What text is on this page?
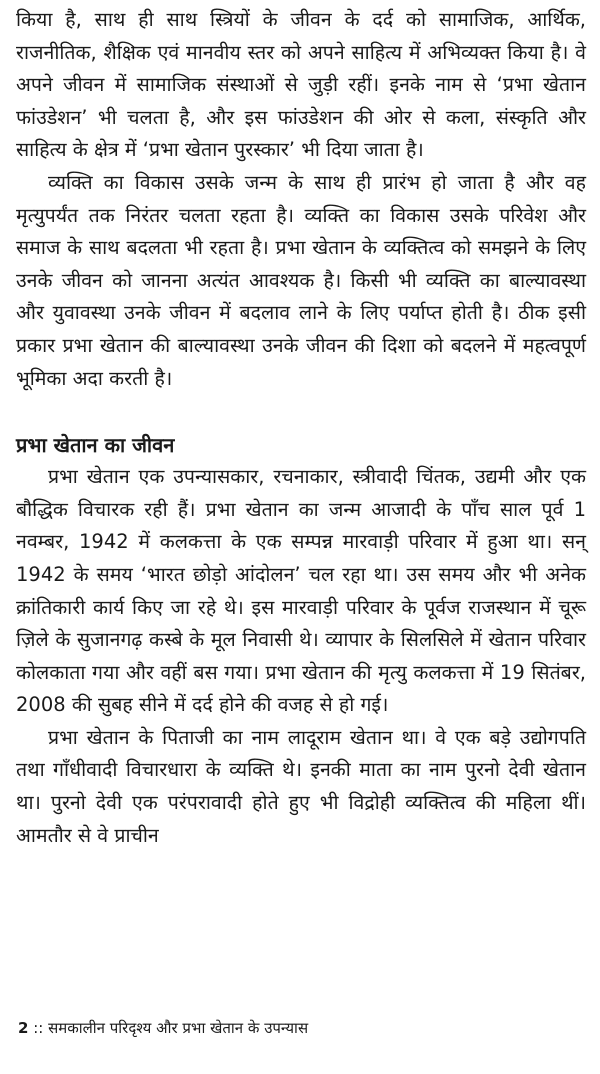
किया है, साथ ही साथ स्त्रियों के जीवन के दर्द को सामाजिक, आर्थिक, राजनीतिक, शैक्षिक एवं मानवीय स्तर को अपने साहित्य में अभिव्यक्त किया है। वे अपने जीवन में सामाजिक संस्थाओं से जुड़ी रहीं। इनके नाम से ‘प्रभा खेतान फांउडेशन’ भी चलता है, और इस फांउडेशन की ओर से कला, संस्कृति और साहित्य के क्षेत्र में ‘प्रभा खेतान पुरस्कार’ भी दिया जाता है।

व्यक्ति का विकास उसके जन्म के साथ ही प्रारंभ हो जाता है और वह मृत्युपर्यंत तक निरंतर चलता रहता है। व्यक्ति का विकास उसके परिवेश और समाज के साथ बदलता भी रहता है। प्रभा खेतान के व्यक्तित्व को समझने के लिए उनके जीवन को जानना अत्यंत आवश्यक है। किसी भी व्यक्ति का बाल्यावस्था और युवावस्था उनके जीवन में बदलाव लाने के लिए पर्याप्त होती है। ठीक इसी प्रकार प्रभा खेतान की बाल्यावस्था उनके जीवन की दिशा को बदलने में महत्वपूर्ण भूमिका अदा करती है।

प्रभा खेतान का जीवन

प्रभा खेतान एक उपन्यासकार, रचनाकार, स्त्रीवादी चिंतक, उद्यमी और एक बौद्धिक विचारक रही हैं। प्रभा खेतान का जन्म आजादी के पाँच साल पूर्व 1 नवम्बर, 1942 में कलकत्ता के एक सम्पन्न मारवाड़ी परिवार में हुआ था। सन् 1942 के समय ‘भारत छोड़ो आंदोलन’ चल रहा था। उस समय और भी अनेक क्रांतिकारी कार्य किए जा रहे थे। इस मारवाड़ी परिवार के पूर्वज राजस्थान में चूरू ज़िले के सुजानगढ़ कस्बे के मूल निवासी थे। व्यापार के सिलसिले में खेतान परिवार कोलकाता गया और वहीं बस गया। प्रभा खेतान की मृत्यु कलकत्ता में 19 सितंबर, 2008 की सुबह सीने में दर्द होने की वजह से हो गई।

प्रभा खेतान के पिताजी का नाम लादूराम खेतान था। वे एक बड़े उद्योगपति तथा गाँधीवादी विचारधारा के व्यक्ति थे। इनकी माता का नाम पुरनो देवी खेतान था। पुरनो देवी एक परंपरावादी होते हुए भी विद्रोही व्यक्तित्व की महिला थीं। आमतौर से वे प्राचीन

2 :: समकालीन परिदृश्य और प्रभा खेतान के उपन्यास
